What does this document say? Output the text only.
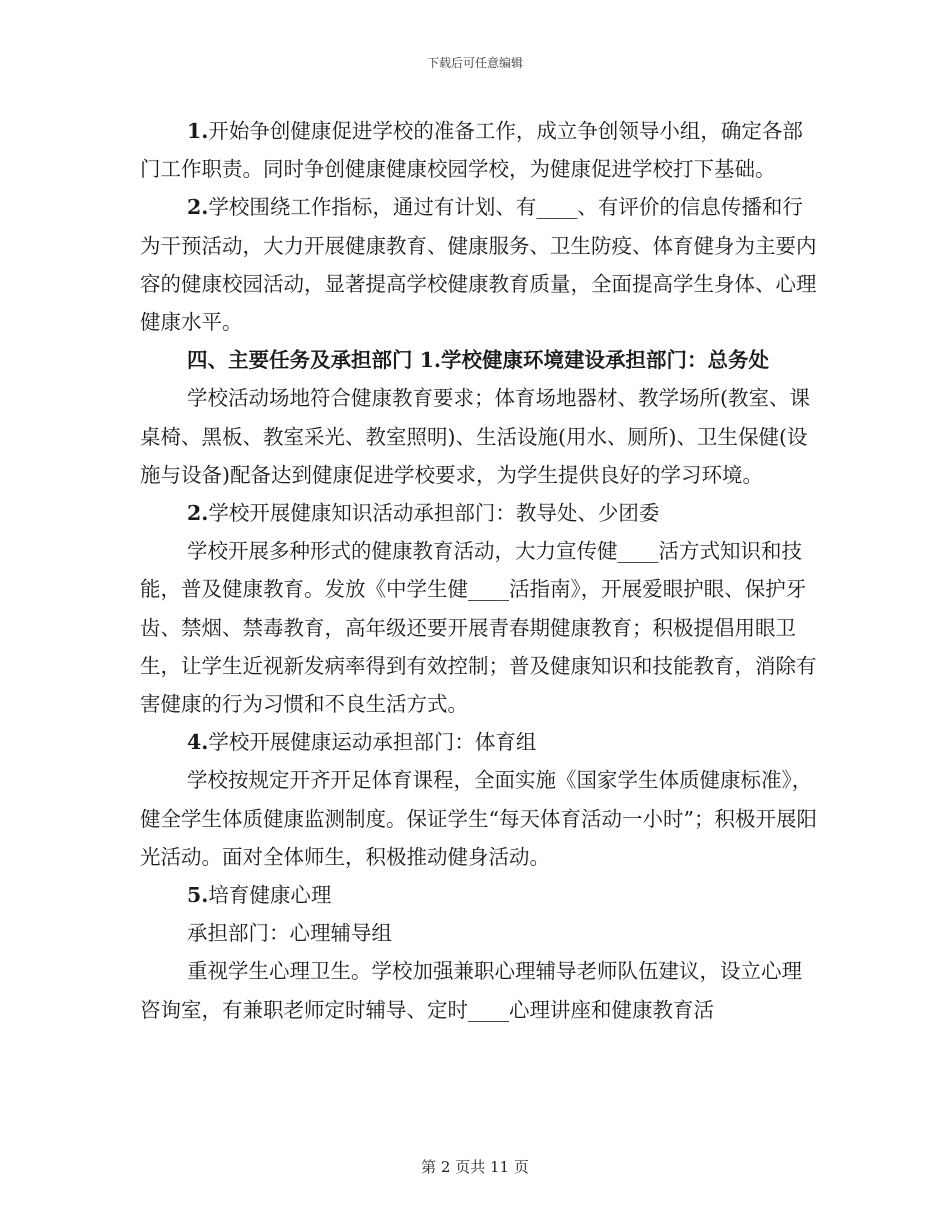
下载后可任意编辑

1.开始争创健康促进学校的准备工作，成立争创领导小组，确定各部门工作职责。同时争创健康健康校园学校，为健康促进学校打下基础。

2.学校围绕工作指标，通过有计划、有____、有评价的信息传播和行为干预活动，大力开展健康教育、健康服务、卫生防疫、体育健身为主要内容的健康校园活动，显著提高学校健康教育质量，全面提高学生身体、心理健康水平。

四、主要任务及承担部门 1.学校健康环境建设承担部门：总务处

学校活动场地符合健康教育要求；体育场地器材、教学场所(教室、课桌椅、黑板、教室采光、教室照明)、生活设施(用水、厕所)、卫生保健(设施与设备)配备达到健康促进学校要求，为学生提供良好的学习环境。

2.学校开展健康知识活动承担部门：教导处、少团委

学校开展多种形式的健康教育活动，大力宣传健____活方式知识和技能，普及健康教育。发放《中学生健____活指南》，开展爱眼护眼、保护牙齿、禁烟、禁毒教育，高年级还要开展青春期健康教育；积极提倡用眼卫生，让学生近视新发病率得到有效控制；普及健康知识和技能教育，消除有害健康的行为习惯和不良生活方式。

4.学校开展健康运动承担部门：体育组

学校按规定开齐开足体育课程，全面实施《国家学生体质健康标准》，健全学生体质健康监测制度。保证学生“每天体育活动一小时”；积极开展阳光活动。面对全体师生，积极推动健身活动。

5.培育健康心理

承担部门：心理辅导组

重视学生心理卫生。学校加强兼职心理辅导老师队伍建议，设立心理咨询室，有兼职老师定时辅导、定时____心理讲座和健康教育活

第 2 页共 11 页
